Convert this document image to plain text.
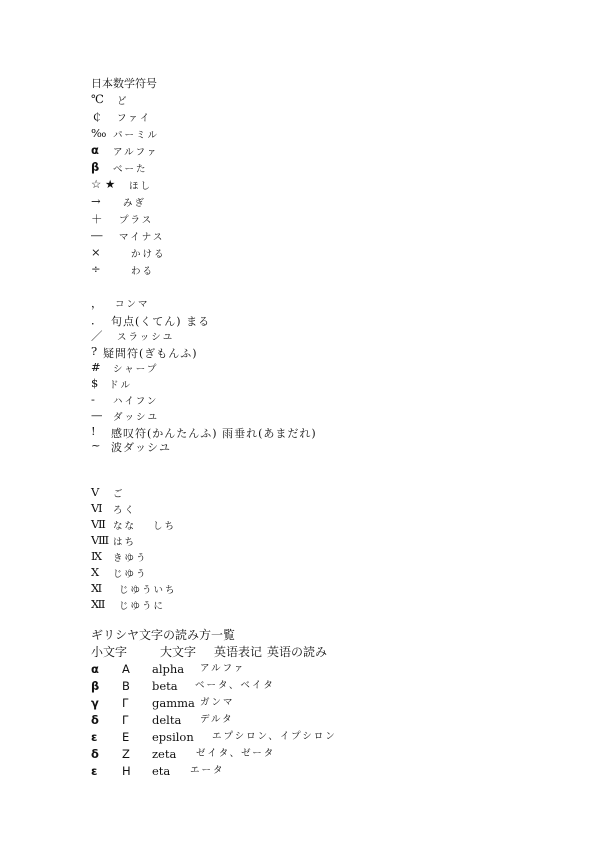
日本数学符号
℃ ど
￠ ファイ
‰ パーミル
α アルファ
β べーた
☆ ★ ほし
→ みぎ
＋ プラス
― マイナス
×	かける
÷	わる
， コンマ
． 句点(くてん) まる
／ スラッシユ
? 疑問符(ぎもんふ)
# シャープ
$ ドル
- ハイフン
— ダッシユ
! 感叹符(かんたんふ) 雨垂れ(あまだれ)
~ 波ダッシユ
Ⅴ ご
Ⅵ ろく
Ⅶ なな しち
Ⅷ はち
Ⅸ きゆう
Ⅹ じゆう
Ⅺ じゆういち
Ⅻ じゆうに
ギリシヤ文字の読み方一覧
小文字	大文字 英语表记 英语の読み
α Α alpha アルファ
β Β beta ベータ、ベイタ
γ Γ gamma ガンマ
δ Γ delta デルタ
ε Ε epsilon エプシロン、イプシロン
δ Ζ zeta ゼイタ、ゼータ
ε Η eta エータ
